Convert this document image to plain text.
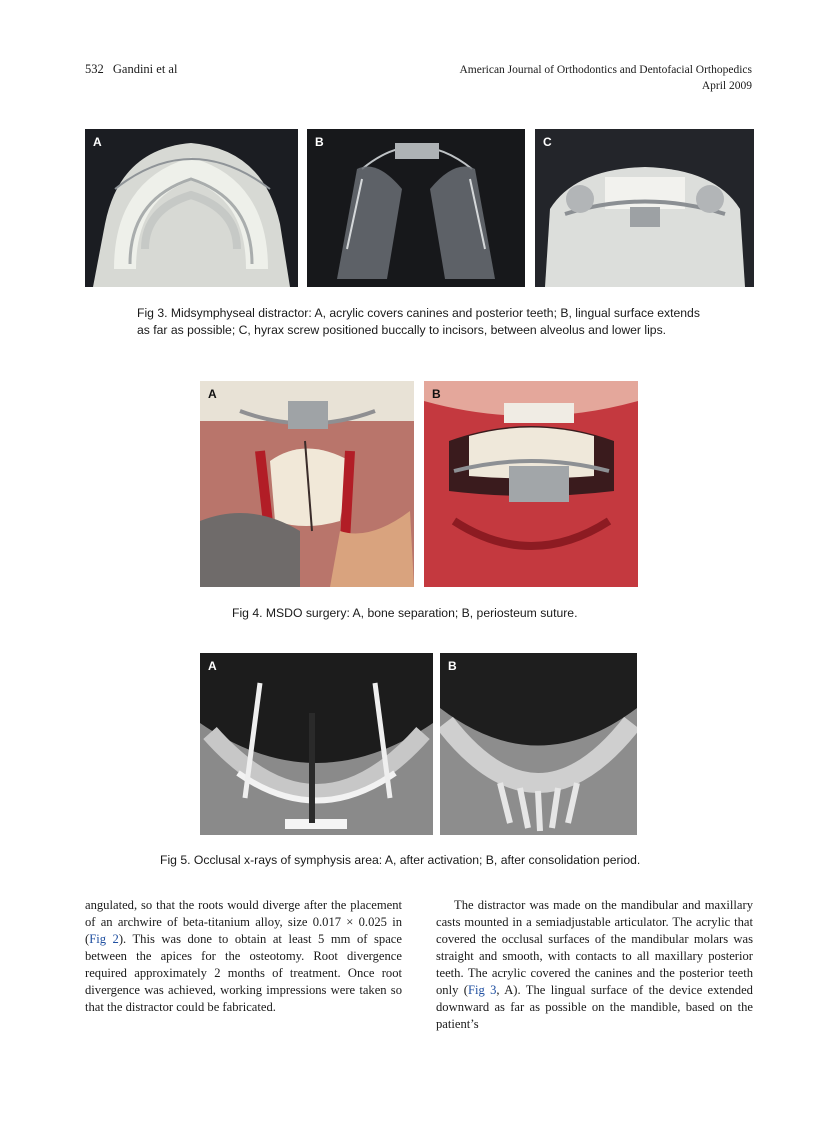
532 Gandini et al	American Journal of Orthodontics and Dentofacial Orthopedics
April 2009
A	B	C
Fig 3. Midsymphyseal distractor: A, acrylic covers canines and posterior teeth; B, lingual surface extends as far as possible; C, hyrax screw positioned buccally to incisors, between alveolus and lower lips.
A	B
Fig 4. MSDO surgery: A, bone separation; B, periosteum suture.
A	B
Fig 5. Occlusal x-rays of symphysis area: A, after activation; B, after consolidation period.

angulated, so that the roots would diverge after the placement of an archwire of beta-titanium alloy, size 0.017 × 0.025 in (Fig 2). This was done to obtain at least 5 mm of space between the apices for the osteotomy. Root divergence required approximately 2 months of treatment. Once root divergence was achieved, working impressions were taken so that the distractor could be fabricated.

The distractor was made on the mandibular and maxillary casts mounted in a semiadjustable articulator. The acrylic that covered the occlusal surfaces of the mandibular molars was straight and smooth, with contacts to all maxillary posterior teeth. The acrylic covered the canines and the posterior teeth only (Fig 3, A). The lingual surface of the device extended downward as far as possible on the mandible, based on the patient’s
